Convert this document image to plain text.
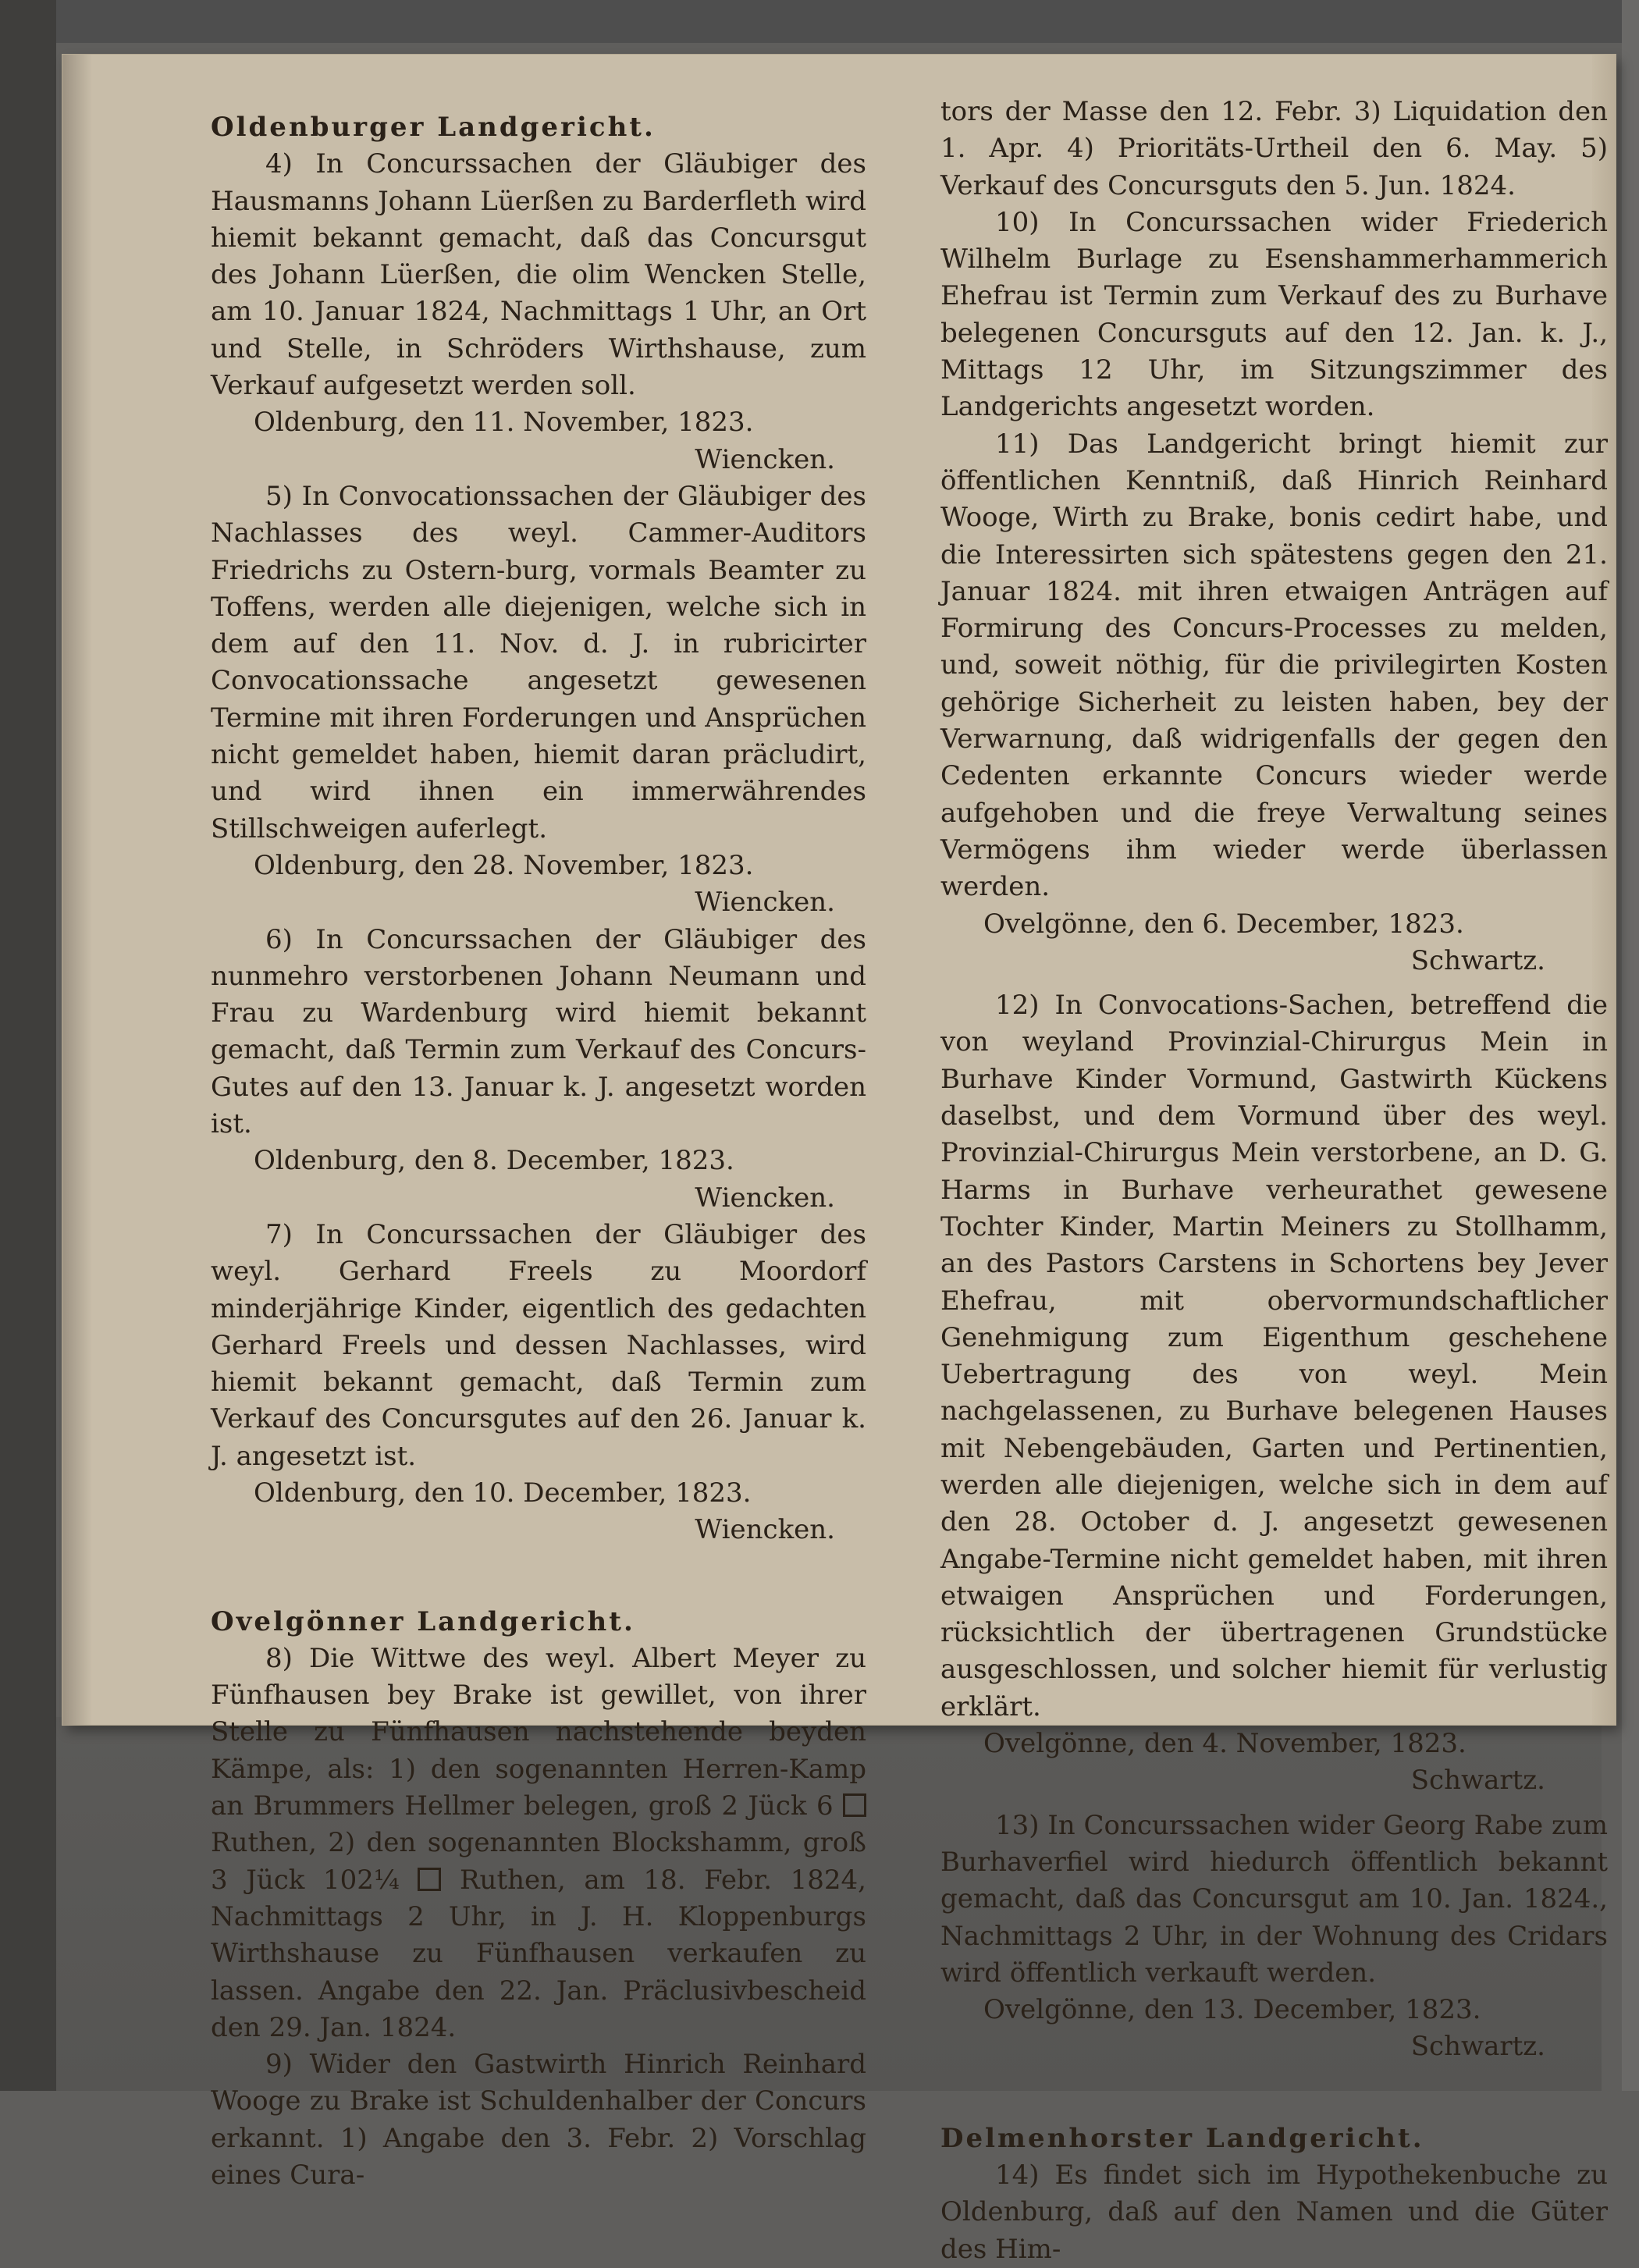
Oldenburger Landgericht.

4) In Concurssachen der Gläubiger des Hausmanns Johann Lüerßen zu Barderfleth wird hiemit bekannt gemacht, daß das Concursgut des Johann Lüerßen, die olim Wencken Stelle, am 10. Januar 1824, Nachmittags 1 Uhr, an Ort und Stelle, in Schröders Wirthshause, zum Verkauf aufgesetzt werden soll.

Oldenburg, den 11. November, 1823.

Wiencken.

5) In Convocationssachen der Gläubiger des Nachlasses des weyl. Cammer-Auditors Friedrichs zu Ostern-burg, vormals Beamter zu Toffens, werden alle diejenigen, welche sich in dem auf den 11. Nov. d. J. in rubricirter Convocationssache angesetzt gewesenen Termine mit ihren Forderungen und Ansprüchen nicht gemeldet haben, hiemit daran präcludirt, und wird ihnen ein immerwährendes Stillschweigen auferlegt.

Oldenburg, den 28. November, 1823.

Wiencken.

6) In Concurssachen der Gläubiger des nunmehro verstorbenen Johann Neumann und Frau zu Wardenburg wird hiemit bekannt gemacht, daß Termin zum Verkauf des Concurs-Gutes auf den 13. Januar k. J. angesetzt worden ist.

Oldenburg, den 8. December, 1823.

Wiencken.

7) In Concurssachen der Gläubiger des weyl. Gerhard Freels zu Moordorf minderjährige Kinder, eigentlich des gedachten Gerhard Freels und dessen Nachlasses, wird hiemit bekannt gemacht, daß Termin zum Verkauf des Concursgutes auf den 26. Januar k. J. angesetzt ist.

Oldenburg, den 10. December, 1823.

Wiencken.

Ovelgönner Landgericht.

8) Die Wittwe des weyl. Albert Meyer zu Fünfhausen bey Brake ist gewillet, von ihrer Stelle zu Fünfhausen nachstehende beyden Kämpe, als: 1) den sogenannten Herren-Kamp an Brummers Hellmer belegen, groß 2 Jück 6  Ruthen, 2) den sogenannten Blockshamm, groß 3 Jück 102¼ Ruthen, am 18. Febr. 1824, Nachmittags 2 Uhr, in J. H. Kloppenburgs Wirthshause zu Fünfhausen verkaufen zu lassen. Angabe den 22. Jan. Präclusivbescheid den 29. Jan. 1824.

9) Wider den Gastwirth Hinrich Reinhard Wooge zu Brake ist Schuldenhalber der Concurs erkannt. 1) Angabe den 3. Febr. 2) Vorschlag eines Cura-

tors der Masse den 12. Febr. 3) Liquidation den 1. Apr. 4) Prioritäts-Urtheil den 6. May. 5) Verkauf des Concursguts den 5. Jun. 1824.

10) In Concurssachen wider Friederich Wilhelm Burlage zu Esenshammerhammerich Ehefrau ist Termin zum Verkauf des zu Burhave belegenen Concursguts auf den 12. Jan. k. J., Mittags 12 Uhr, im Sitzungszimmer des Landgerichts angesetzt worden.

11) Das Landgericht bringt hiemit zur öffentlichen Kenntniß, daß Hinrich Reinhard Wooge, Wirth zu Brake, bonis cedirt habe, und die Interessirten sich spätestens gegen den 21. Januar 1824. mit ihren etwaigen Anträgen auf Formirung des Concurs-Processes zu melden, und, soweit nöthig, für die privilegirten Kosten gehörige Sicherheit zu leisten haben, bey der Verwarnung, daß widrigenfalls der gegen den Cedenten erkannte Concurs wieder werde aufgehoben und die freye Verwaltung seines Vermögens ihm wieder werde überlassen werden.

Ovelgönne, den 6. December, 1823.

Schwartz.

12) In Convocations-Sachen, betreffend die von weyland Provinzial-Chirurgus Mein in Burhave Kinder Vormund, Gastwirth Kückens daselbst, und dem Vormund über des weyl. Provinzial-Chirurgus Mein verstorbene, an D. G. Harms in Burhave verheurathet gewesene Tochter Kinder, Martin Meiners zu Stollhamm, an des Pastors Carstens in Schortens bey Jever Ehefrau, mit obervormundschaftlicher Genehmigung zum Eigenthum geschehene Uebertragung des von weyl. Mein nachgelassenen, zu Burhave belegenen Hauses mit Nebengebäuden, Garten und Pertinentien, werden alle diejenigen, welche sich in dem auf den 28. October d. J. angesetzt gewesenen Angabe-Termine nicht gemeldet haben, mit ihren etwaigen Ansprüchen und Forderungen, rücksichtlich der übertragenen Grundstücke ausgeschlossen, und solcher hiemit für verlustig erklärt.

Ovelgönne, den 4. November, 1823.

Schwartz.

13) In Concurssachen wider Georg Rabe zum Burhaverfiel wird hiedurch öffentlich bekannt gemacht, daß das Concursgut am 10. Jan. 1824., Nachmittags 2 Uhr, in der Wohnung des Cridars wird öffentlich verkauft werden.

Ovelgönne, den 13. December, 1823.

Schwartz.

Delmenhorster Landgericht.

14) Es findet sich im Hypothekenbuche zu Oldenburg, daß auf den Namen und die Güter des Him-
